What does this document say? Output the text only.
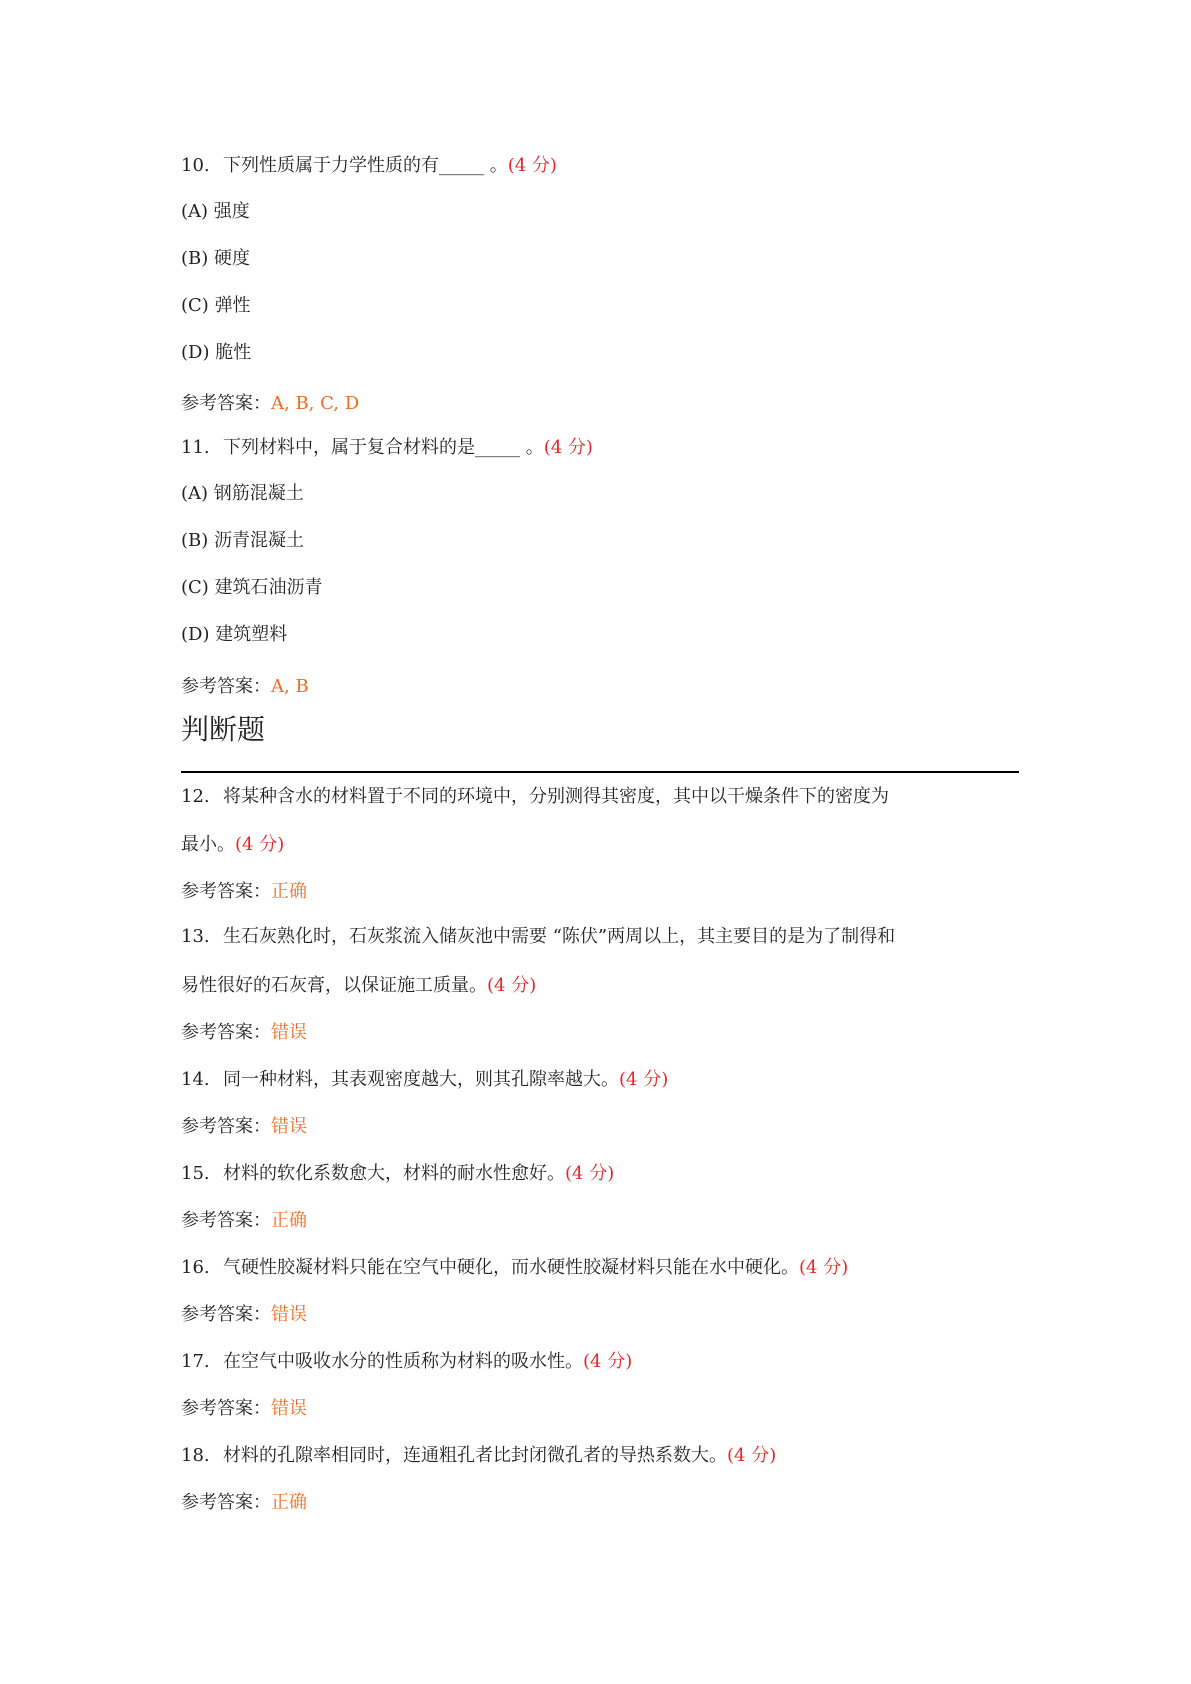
10. 下列性质属于力学性质的有_____ 。(4 分)
(A) 强度
(B) 硬度
(C) 弹性
(D) 脆性
参考答案：A, B, C, D
11. 下列材料中，属于复合材料的是_____ 。(4 分)
(A) 钢筋混凝土
(B) 沥青混凝土
(C) 建筑石油沥青
(D) 建筑塑料
参考答案：A, B
判断题
12. 将某种含水的材料置于不同的环境中，分别测得其密度，其中以干燥条件下的密度为
最小。(4 分)
参考答案：正确
13. 生石灰熟化时，石灰浆流入储灰池中需要 “陈伏”两周以上，其主要目的是为了制得和
易性很好的石灰膏，以保证施工质量。(4 分)
参考答案：错误
14. 同一种材料，其表观密度越大，则其孔隙率越大。(4 分)
参考答案：错误
15. 材料的软化系数愈大，材料的耐水性愈好。(4 分)
参考答案：正确
16. 气硬性胶凝材料只能在空气中硬化，而水硬性胶凝材料只能在水中硬化。(4 分)
参考答案：错误
17. 在空气中吸收水分的性质称为材料的吸水性。(4 分)
参考答案：错误
18. 材料的孔隙率相同时，连通粗孔者比封闭微孔者的导热系数大。(4 分)
参考答案：正确
